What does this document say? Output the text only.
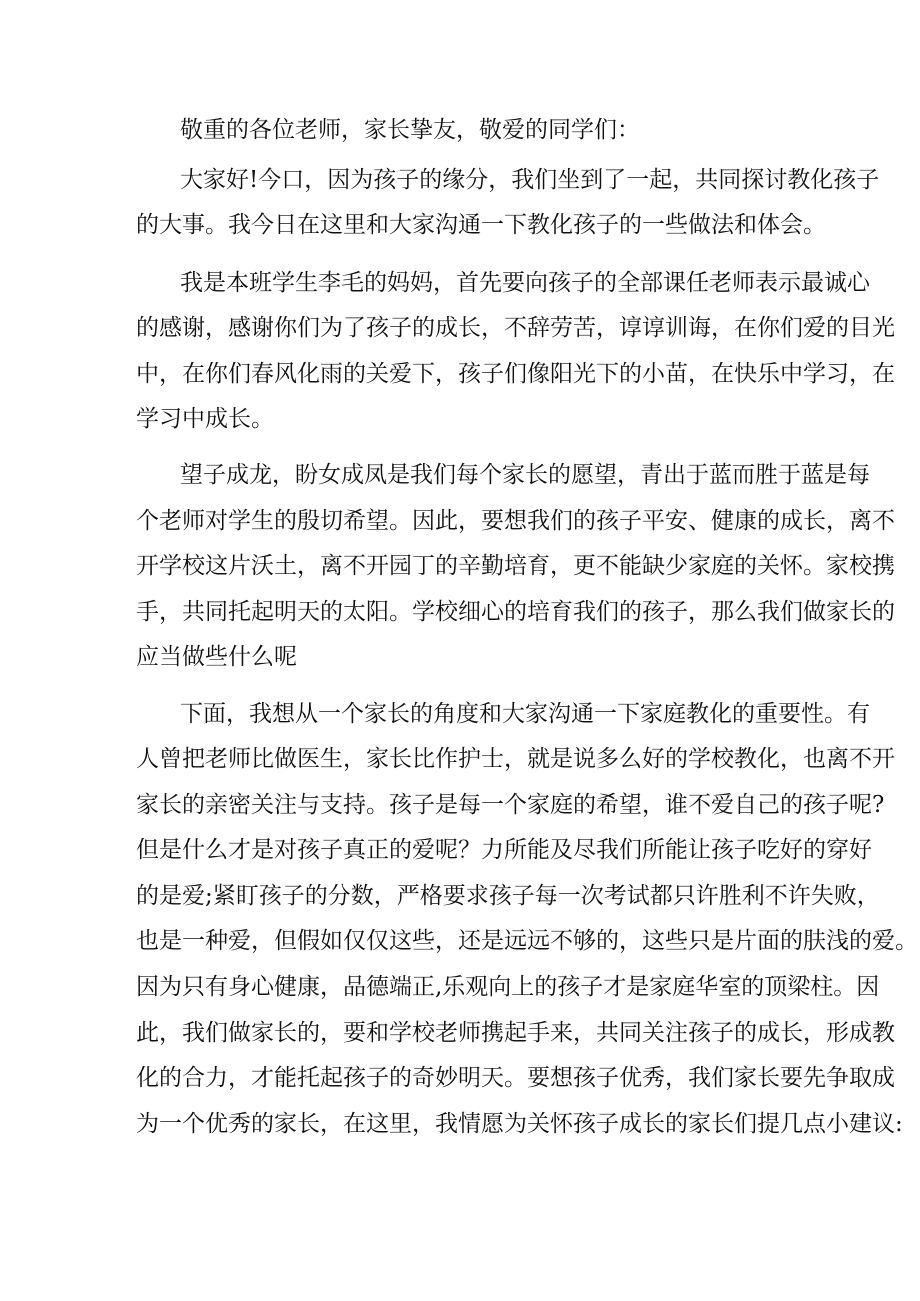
敬重的各位老师，家长挚友，敬爱的同学们：

大家好!今口，因为孩子的缘分，我们坐到了一起，共同探讨教化孩子

的大事。我今日在这里和大家沟通一下教化孩子的一些做法和体会。

我是本班学生李毛的妈妈，首先要向孩子的全部课任老师表示最诚心

的感谢，感谢你们为了孩子的成长，不辞劳苦，谆谆训诲，在你们爱的目光

中，在你们春风化雨的关爱下，孩子们像阳光下的小苗，在快乐中学习，在

学习中成长。

望子成龙，盼女成凤是我们每个家长的愿望，青出于蓝而胜于蓝是每

个老师对学生的殷切希望。因此，要想我们的孩子平安、健康的成长，离不

开学校这片沃土，离不开园丁的辛勤培育，更不能缺少家庭的关怀。家校携

手，共同托起明天的太阳。学校细心的培育我们的孩子，那么我们做家长的

应当做些什么呢

下面，我想从一个家长的角度和大家沟通一下家庭教化的重要性。有

人曾把老师比做医生，家长比作护士，就是说多么好的学校教化，也离不开

家长的亲密关注与支持。孩子是每一个家庭的希望，谁不爱自己的孩子呢?

但是什么才是对孩子真正的爱呢？力所能及尽我们所能让孩子吃好的穿好

的是爱;紧盯孩子的分数，严格要求孩子每一次考试都只许胜利不许失败，

也是一种爱，但假如仅仅这些，还是远远不够的，这些只是片面的肤浅的爱。

因为只有身心健康，品德端正,乐观向上的孩子才是家庭华室的顶梁柱。因

此，我们做家长的，要和学校老师携起手来，共同关注孩子的成长，形成教

化的合力，才能托起孩子的奇妙明天。要想孩子优秀，我们家长要先争取成

为一个优秀的家长，在这里，我情愿为关怀孩子成长的家长们提几点小建议:
